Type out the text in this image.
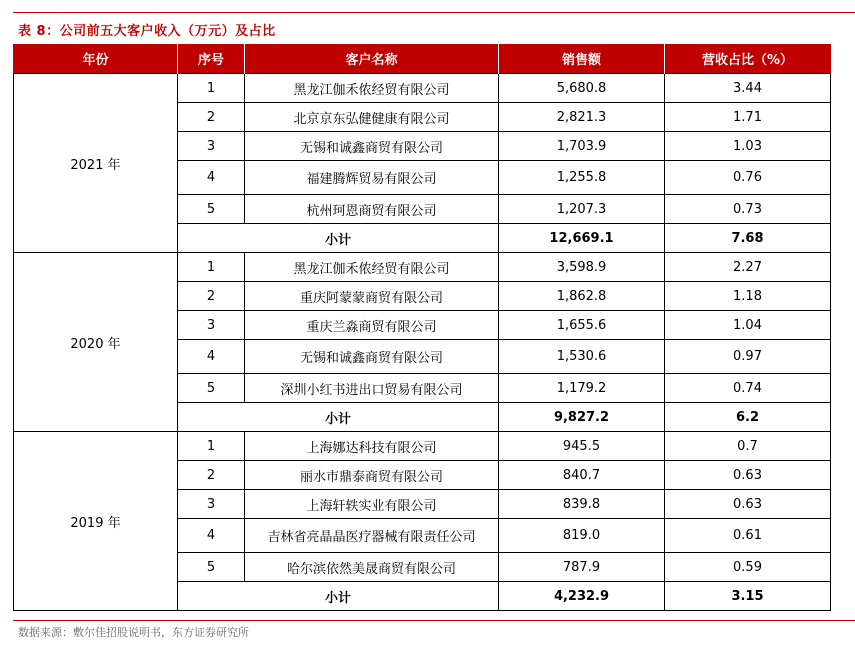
表 8：公司前五大客户收入（万元）及占比
年份	序号	客户名称	销售额	营收占比（%）
2021 年	1	黑龙江伽禾侬经贸有限公司	5,680.8	3.44
	2	北京京东弘健健康有限公司	2,821.3	1.71
	3	无锡和诚鑫商贸有限公司	1,703.9	1.03
	4	福建腾辉贸易有限公司	1,255.8	0.76
	5	杭州珂恩商贸有限公司	1,207.3	0.73
	小计		12,669.1	7.68
2020 年	1	黑龙江伽禾侬经贸有限公司	3,598.9	2.27
	2	重庆阿蒙蒙商贸有限公司	1,862.8	1.18
	3	重庆兰淼商贸有限公司	1,655.6	1.04
	4	无锡和诚鑫商贸有限公司	1,530.6	0.97
	5	深圳小红书进出口贸易有限公司	1,179.2	0.74
	小计		9,827.2	6.2
2019 年	1	上海娜达科技有限公司	945.5	0.7
	2	丽水市鼎泰商贸有限公司	840.7	0.63
	3	上海轩轶实业有限公司	839.8	0.63
	4	吉林省亮晶晶医疗器械有限责任公司	819.0	0.61
	5	哈尔滨依然美晟商贸有限公司	787.9	0.59
	小计		4,232.9	3.15
数据来源：敷尔佳招股说明书，东方证券研究所
